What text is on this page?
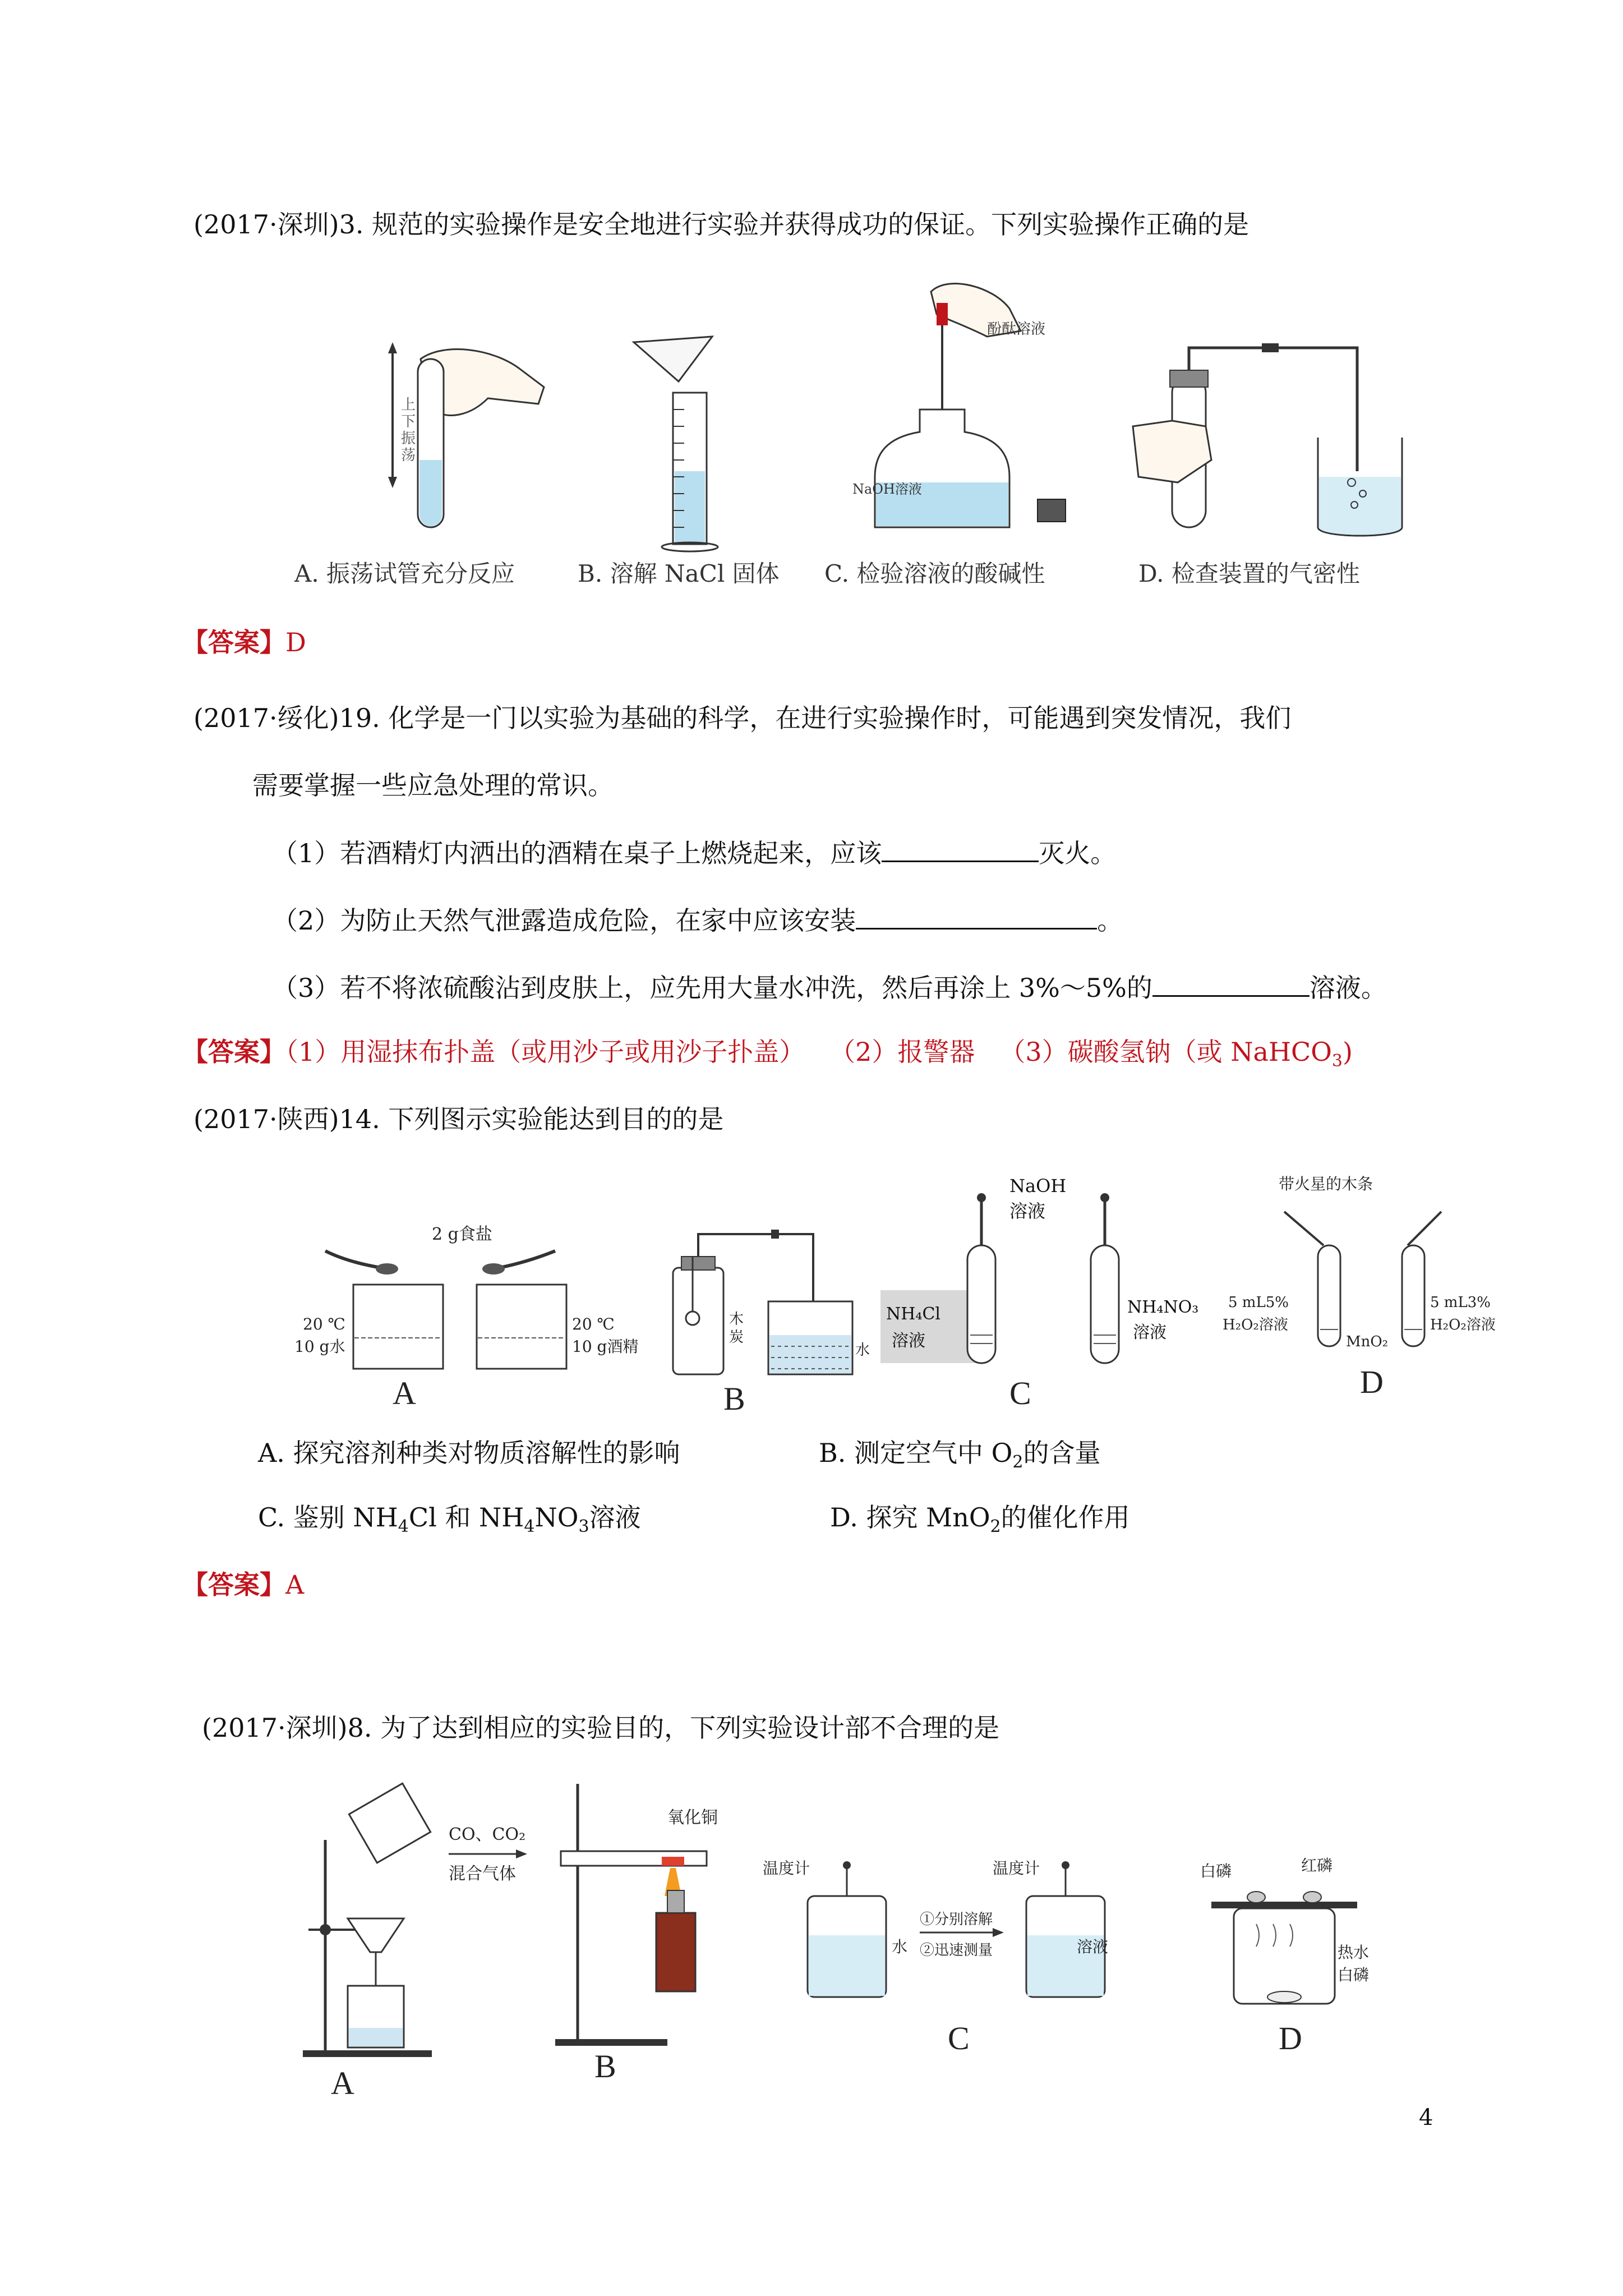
(2017·深圳)3. 规范的实验操作是安全地进行实验并获得成功的保证。下列实验操作正确的是
上
下
振
荡
A. 振荡试管充分反应	B. 溶解 NaCl 固体
酚酞溶液
NaOH溶液
C. 检验溶液的酸碱性	D. 检查装置的气密性
【答案】D
(2017·绥化)19. 化学是一门以实验为基础的科学，在进行实验操作时，可能遇到突发情况，我们
需要掌握一些应急处理的常识。
（1）若酒精灯内洒出的酒精在桌子上燃烧起来，应该	灭火。
（2）为防止天然气泄露造成危险，在家中应该安装	。
（3）若不将浓硫酸沾到皮肤上，应先用大量水冲洗，然后再涂上 3%～5%的	溶液。
【答案】（1）用湿抹布扑盖（或用沙子或用沙子扑盖） （2）报警器 （3）碳酸氢钠（或 NaHCO$_3$)
(2017·陕西)14. 下列图示实验能达到目的的是
2 g食盐
20 ℃
10 g水
20 ℃
10 g酒精
A
木
炭
水
B
NH₄Cl
溶液
NaOH
溶液
NH₄NO₃
溶液
C
带火星的木条
5 mL5%
H₂O₂溶液
MnO₂
5 mL3%
H₂O₂溶液
D
A. 探究溶剂种类对物质溶解性的影响	B. 测定空气中 $O_2$的含量
C. 鉴别 $NH_4Cl$ 和 $NH_4NO_3$溶液	D. 探究 MnO$_2$的催化作用
【答案】A
(2017·深圳)8. 为了达到相应的实验目的，下列实验设计部不合理的是
A
CO、CO₂
混合气体
氧化铜
B
温度计
水
①分别溶解
②迅速测量
温度计
溶液
C
白磷	红磷
热水
白磷
D
4
